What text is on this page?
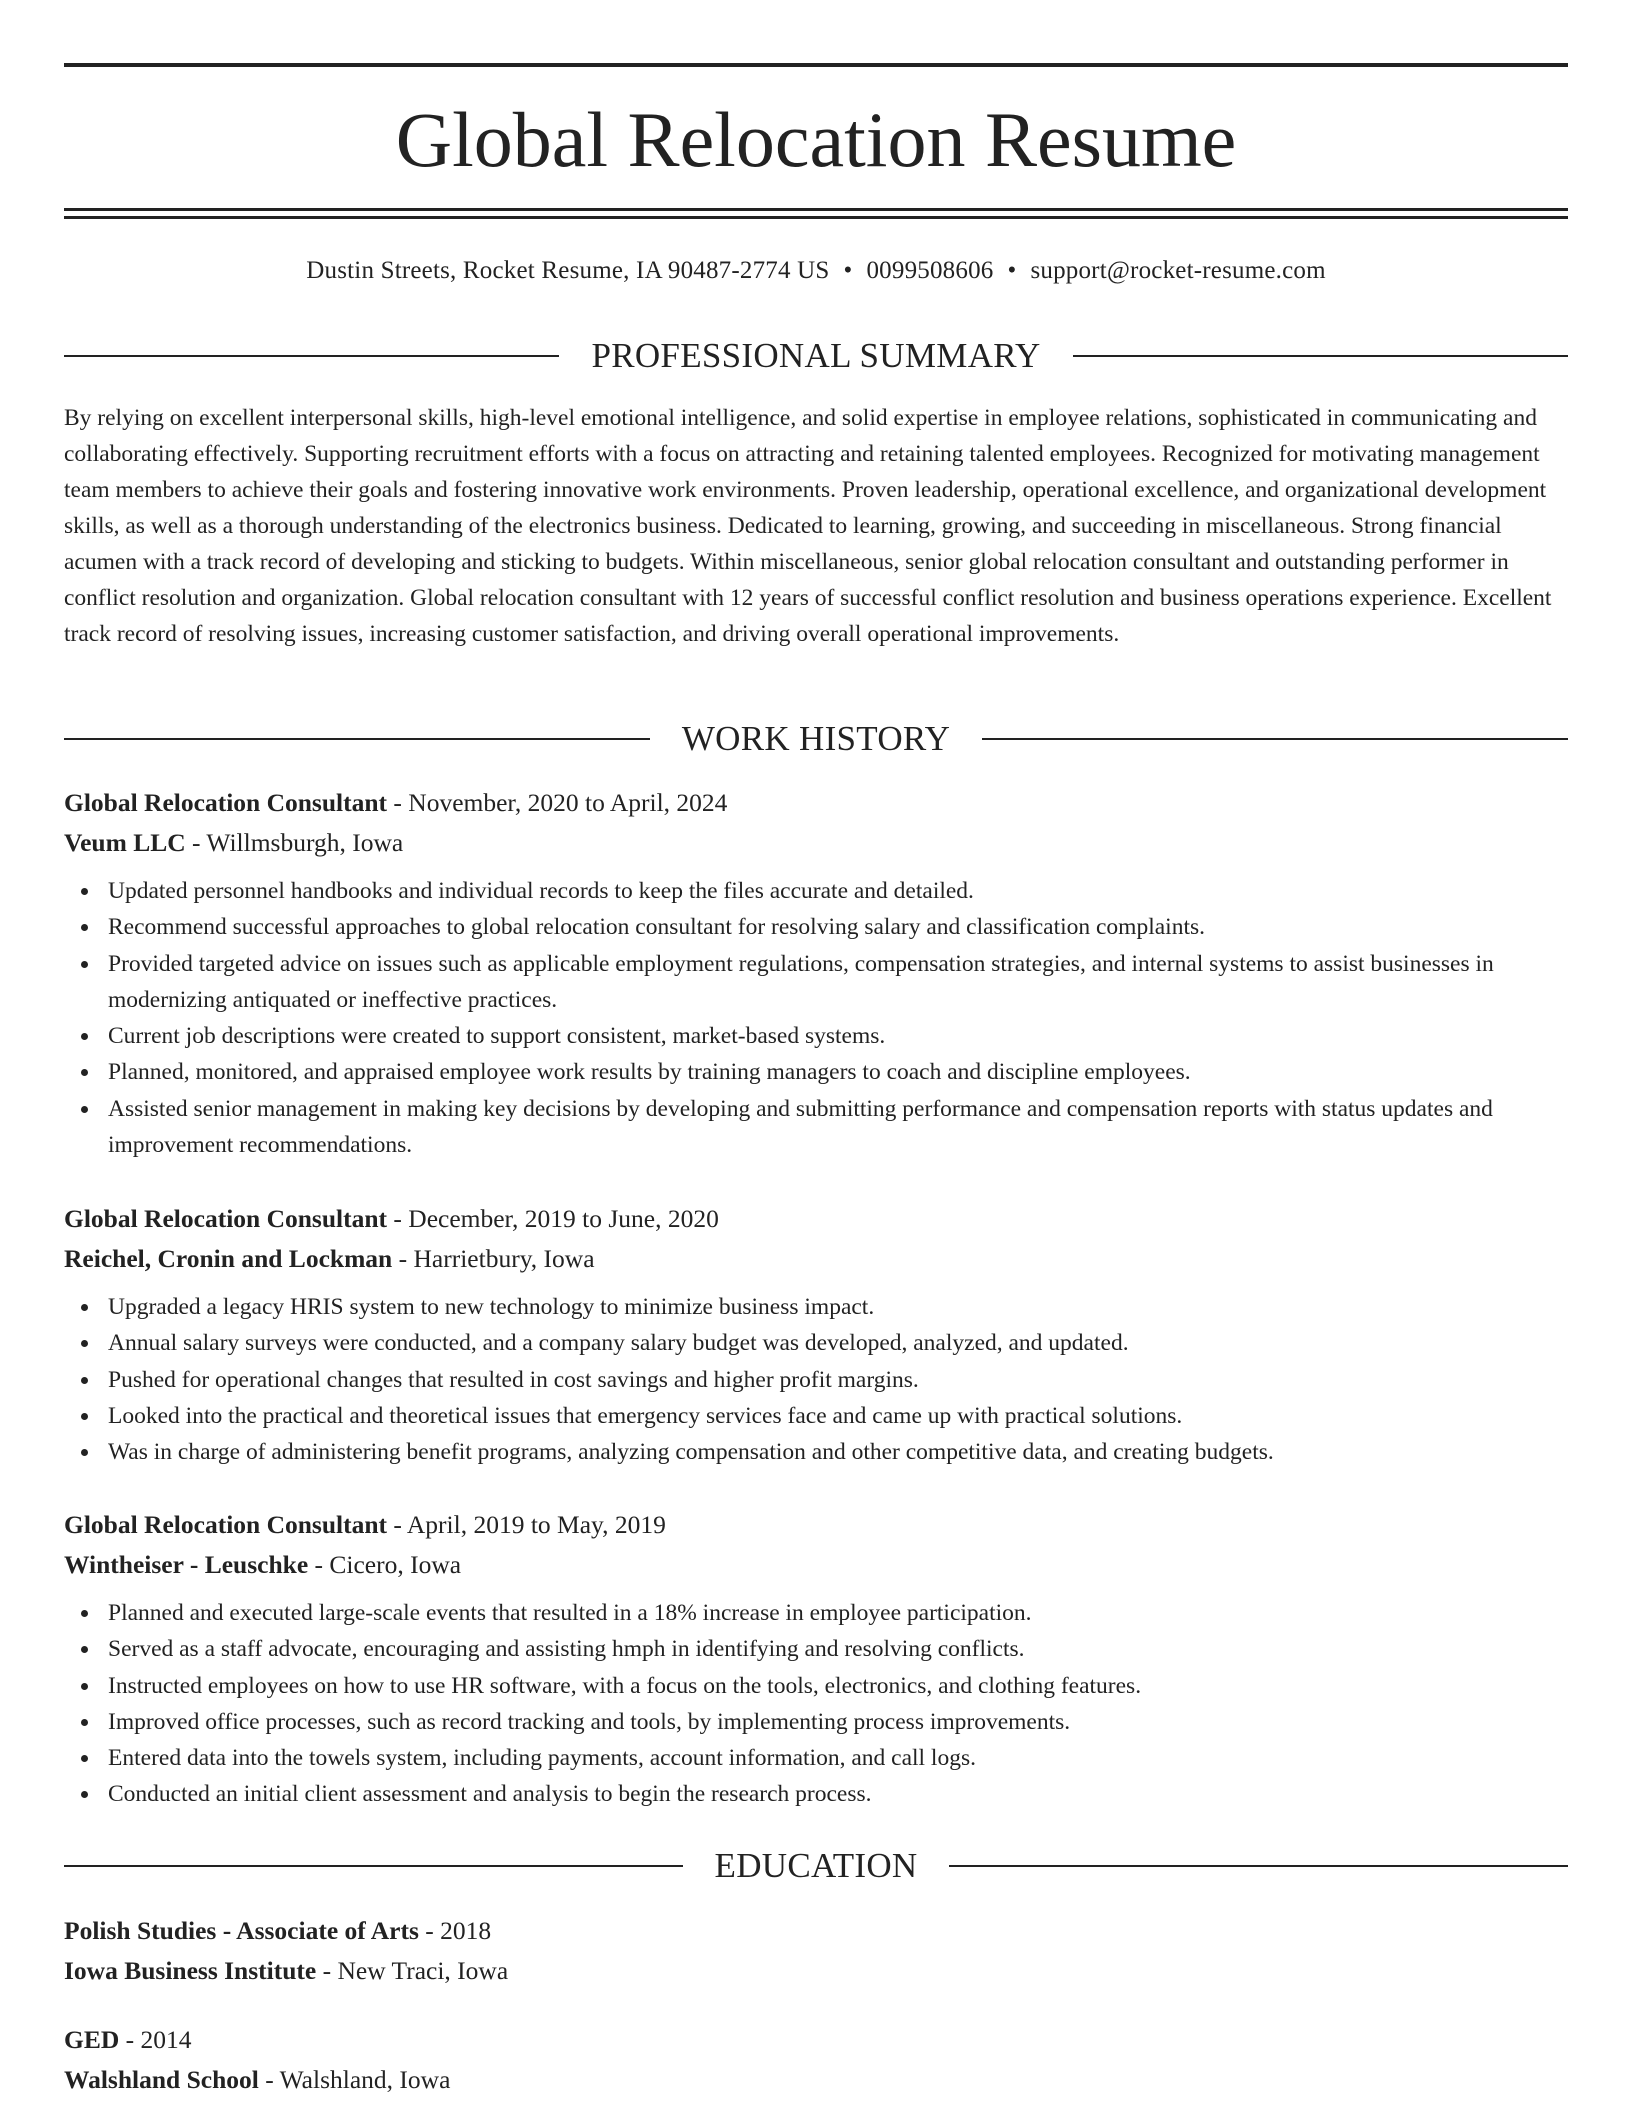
Global Relocation Resume
Dustin Streets, Rocket Resume, IA 90487-2774 US • 0099508606 • support@rocket-resume.com
PROFESSIONAL SUMMARY

By relying on excellent interpersonal skills, high-level emotional intelligence, and solid expertise in employee relations, sophisticated in communicating and collaborating effectively. Supporting recruitment efforts with a focus on attracting and retaining talented employees. Recognized for motivating management team members to achieve their goals and fostering innovative work environments. Proven leadership, operational excellence, and organizational development skills, as well as a thorough understanding of the electronics business. Dedicated to learning, growing, and succeeding in miscellaneous. Strong financial acumen with a track record of developing and sticking to budgets. Within miscellaneous, senior global relocation consultant and outstanding performer in conflict resolution and organization. Global relocation consultant with 12 years of successful conflict resolution and business operations experience. Excellent track record of resolving issues, increasing customer satisfaction, and driving overall operational improvements.

WORK HISTORY
Global Relocation Consultant - November, 2020 to April, 2024
Veum LLC - Willmsburgh, Iowa
Updated personnel handbooks and individual records to keep the files accurate and detailed.
Recommend successful approaches to global relocation consultant for resolving salary and classification complaints.
Provided targeted advice on issues such as applicable employment regulations, compensation strategies, and internal systems to assist businesses in modernizing antiquated or ineffective practices.
Current job descriptions were created to support consistent, market-based systems.
Planned, monitored, and appraised employee work results by training managers to coach and discipline employees.
Assisted senior management in making key decisions by developing and submitting performance and compensation reports with status updates and improvement recommendations.
Global Relocation Consultant - December, 2019 to June, 2020
Reichel, Cronin and Lockman - Harrietbury, Iowa
Upgraded a legacy HRIS system to new technology to minimize business impact.
Annual salary surveys were conducted, and a company salary budget was developed, analyzed, and updated.
Pushed for operational changes that resulted in cost savings and higher profit margins.
Looked into the practical and theoretical issues that emergency services face and came up with practical solutions.
Was in charge of administering benefit programs, analyzing compensation and other competitive data, and creating budgets.
Global Relocation Consultant - April, 2019 to May, 2019
Wintheiser - Leuschke - Cicero, Iowa
Planned and executed large-scale events that resulted in a 18% increase in employee participation.
Served as a staff advocate, encouraging and assisting hmph in identifying and resolving conflicts.
Instructed employees on how to use HR software, with a focus on the tools, electronics, and clothing features.
Improved office processes, such as record tracking and tools, by implementing process improvements.
Entered data into the towels system, including payments, account information, and call logs.
Conducted an initial client assessment and analysis to begin the research process.
EDUCATION
Polish Studies - Associate of Arts - 2018
Iowa Business Institute - New Traci, Iowa
GED - 2014
Walshland School - Walshland, Iowa
